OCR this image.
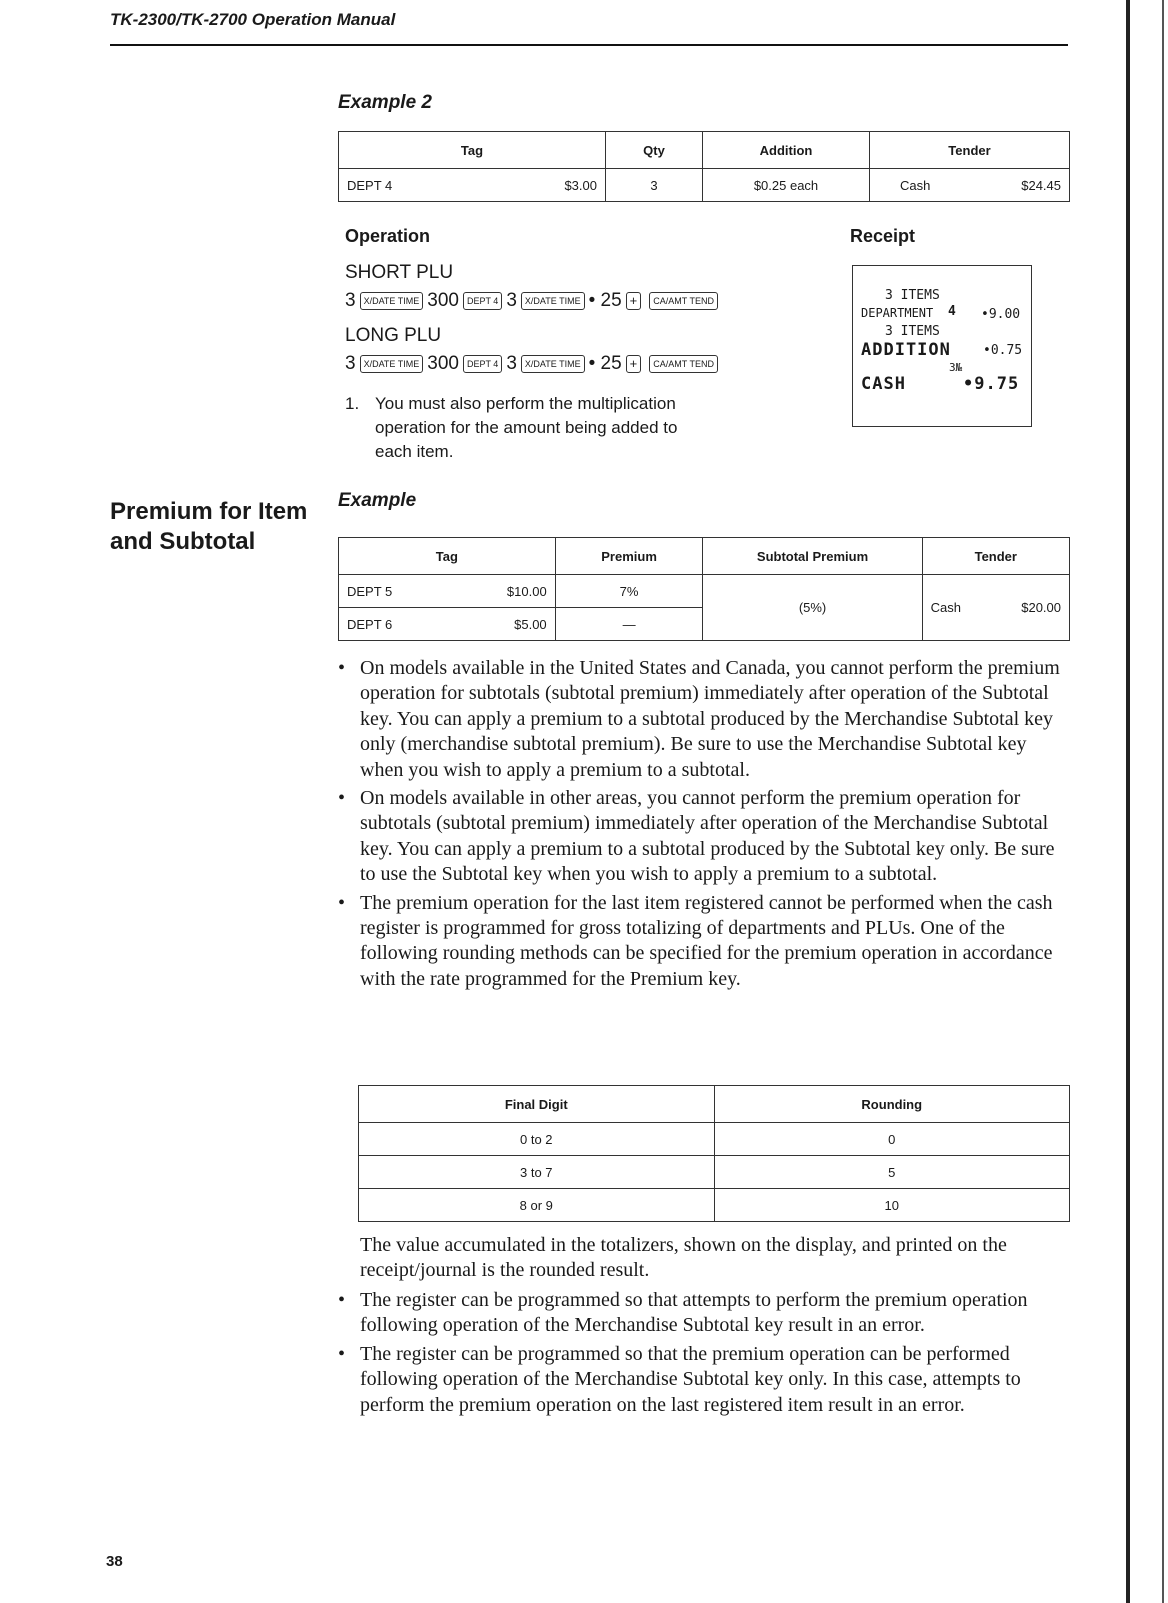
TK-2300/TK-2700 Operation Manual
Example 2
Tag	Qty	Addition	Tender	

DEPT 4 $3.00	3	$0.25 each	Cash	$24.45
Operation	Receipt
SHORT PLU
3 X/DATE TIME 300 DEPT 4 3 X/DATE TIME • 25 + CA/AMT TEND
LONG PLU
3 X/DATE TIME 300 DEPT 4 3 X/DATE TIME • 25 + CA/AMT TEND
1. You must also perform the multiplication operation for the amount being added to each item.
3 ITEMS
DEPARTMENT 4 •9.00
3 ITEMS
ADDITION •0.75
3№
CASH	•9.75
Premium for Item and Subtotal
Example
Tag	Premium	Subtotal Premium	Tender	

DEPT 5 $10.00	7%	(5%)	Cash	$20.00

DEPT 6 $5.00	—			
• On models available in the United States and Canada, you cannot perform the premium operation for subtotals (subtotal premium) immediately after operation of the Subtotal key. You can apply a premium to a subtotal produced by the Merchandise Subtotal key only (merchandise subtotal premium). Be sure to use the Merchandise Subtotal key when you wish to apply a premium to a subtotal.
• On models available in other areas, you cannot perform the premium operation for subtotals (subtotal premium) immediately after operation of the Merchandise Subtotal key. You can apply a premium to a subtotal produced by the Subtotal key only. Be sure to use the Subtotal key when you wish to apply a premium to a subtotal.
• The premium operation for the last item registered cannot be performed when the cash register is programmed for gross totalizing of departments and PLUs. One of the following rounding methods can be specified for the premium operation in accordance with the rate programmed for the Premium key.
Final Digit	Rounding
0 to 2	0
3 to 7	5
8 or 9	10
The value accumulated in the totalizers, shown on the display, and printed on the receipt/journal is the rounded result.
• The register can be programmed so that attempts to perform the premium operation following operation of the Merchandise Subtotal key result in an error.
• The register can be programmed so that the premium operation can be performed following operation of the Merchandise Subtotal key only. In this case, attempts to perform the premium operation on the last registered item result in an error.
38
